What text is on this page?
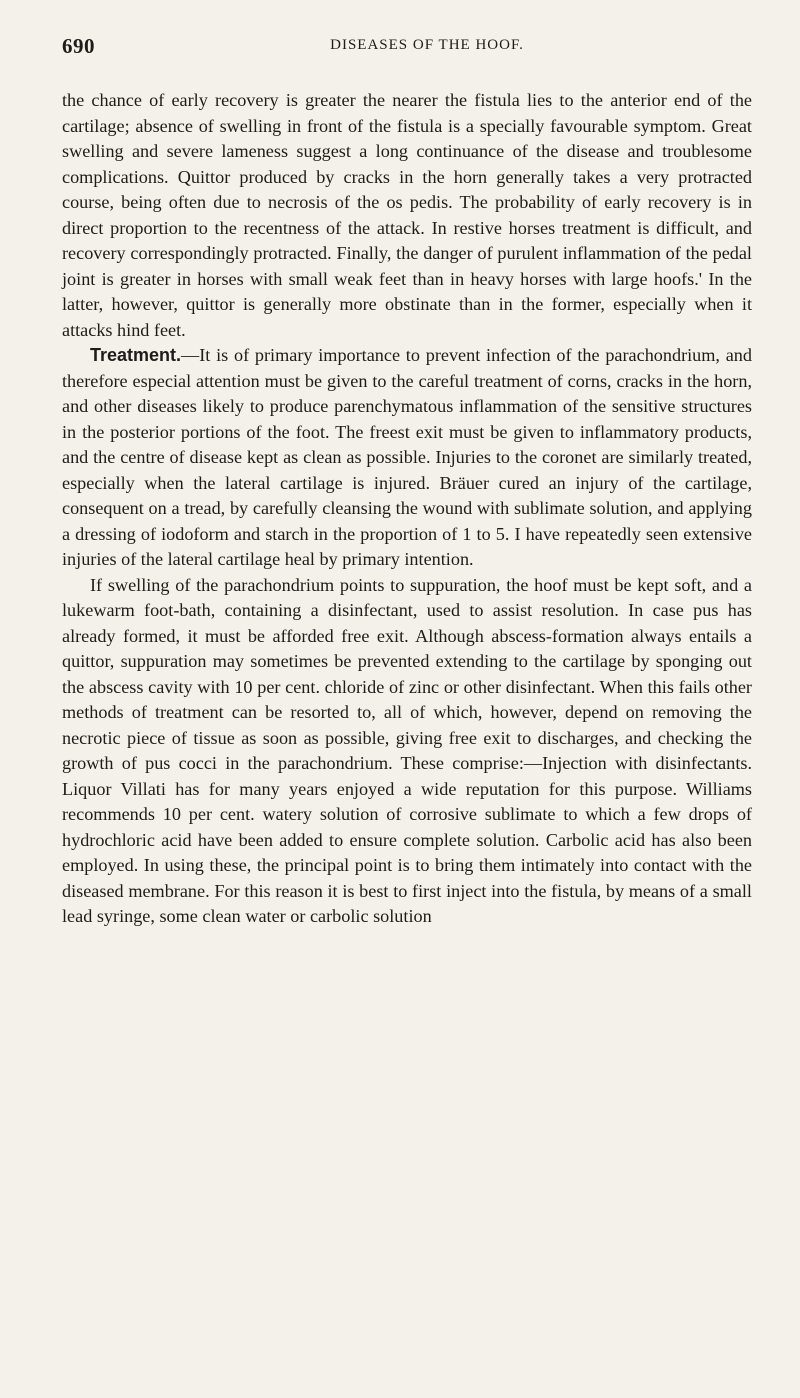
690	DISEASES OF THE HOOF.

the chance of early recovery is greater the nearer the fistula lies to the anterior end of the cartilage; absence of swelling in front of the fistula is a specially favourable symptom. Great swelling and severe lameness suggest a long continuance of the disease and troublesome complications. Quittor produced by cracks in the horn generally takes a very protracted course, being often due to necrosis of the os pedis. The probability of early recovery is in direct proportion to the recentness of the attack. In restive horses treatment is difficult, and recovery correspondingly protracted. Finally, the danger of purulent inflammation of the pedal joint is greater in horses with small weak feet than in heavy horses with large hoofs.' In the latter, however, quittor is generally more obstinate than in the former, especially when it attacks hind feet.

Treatment.—It is of primary importance to prevent infection of the parachondrium, and therefore especial attention must be given to the careful treatment of corns, cracks in the horn, and other diseases likely to produce parenchymatous inflammation of the sensitive structures in the posterior portions of the foot. The freest exit must be given to inflammatory products, and the centre of disease kept as clean as possible. Injuries to the coronet are similarly treated, especially when the lateral cartilage is injured. Bräuer cured an injury of the cartilage, consequent on a tread, by carefully cleansing the wound with sublimate solution, and applying a dressing of iodoform and starch in the proportion of 1 to 5. I have repeatedly seen extensive injuries of the lateral cartilage heal by primary intention.

If swelling of the parachondrium points to suppuration, the hoof must be kept soft, and a lukewarm foot-bath, containing a disinfectant, used to assist resolution. In case pus has already formed, it must be afforded free exit. Although abscess-formation always entails a quittor, suppuration may sometimes be prevented extending to the cartilage by sponging out the abscess cavity with 10 per cent. chloride of zinc or other disinfectant. When this fails other methods of treatment can be resorted to, all of which, however, depend on removing the necrotic piece of tissue as soon as possible, giving free exit to discharges, and checking the growth of pus cocci in the parachondrium. These comprise:—Injection with disinfectants. Liquor Villati has for many years enjoyed a wide reputation for this purpose. Williams recommends 10 per cent. watery solution of corrosive sublimate to which a few drops of hydrochloric acid have been added to ensure complete solution. Carbolic acid has also been employed. In using these, the principal point is to bring them intimately into contact with the diseased membrane. For this reason it is best to first inject into the fistula, by means of a small lead syringe, some clean water or carbolic solution
